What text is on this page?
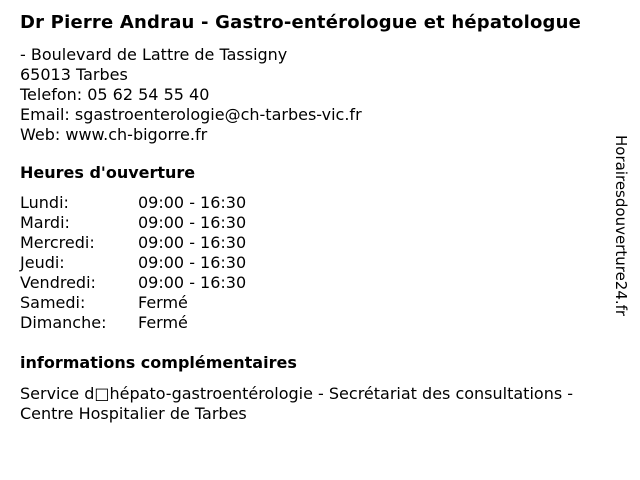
Dr Pierre Andrau - Gastro-entérologue et hépatologue
- Boulevard de Lattre de Tassigny
65013 Tarbes
Telefon: 05 62 54 55 40
Email: sgastroenterologie@ch-tarbes-vic.fr
Web: www.ch-bigorre.fr
Heures d'ouverture
Lundi:	09:00 - 16:30
Mardi:	09:00 - 16:30
Mercredi:	09:00 - 16:30
Jeudi:	09:00 - 16:30
Vendredi:	09:00 - 16:30
Samedi:	Fermé
Dimanche:	Fermé
informations complémentaires
Service d□hépato-gastroentérologie - Secrétariat des consultations - Centre Hospitalier de Tarbes
Horairesdouverture24.fr
